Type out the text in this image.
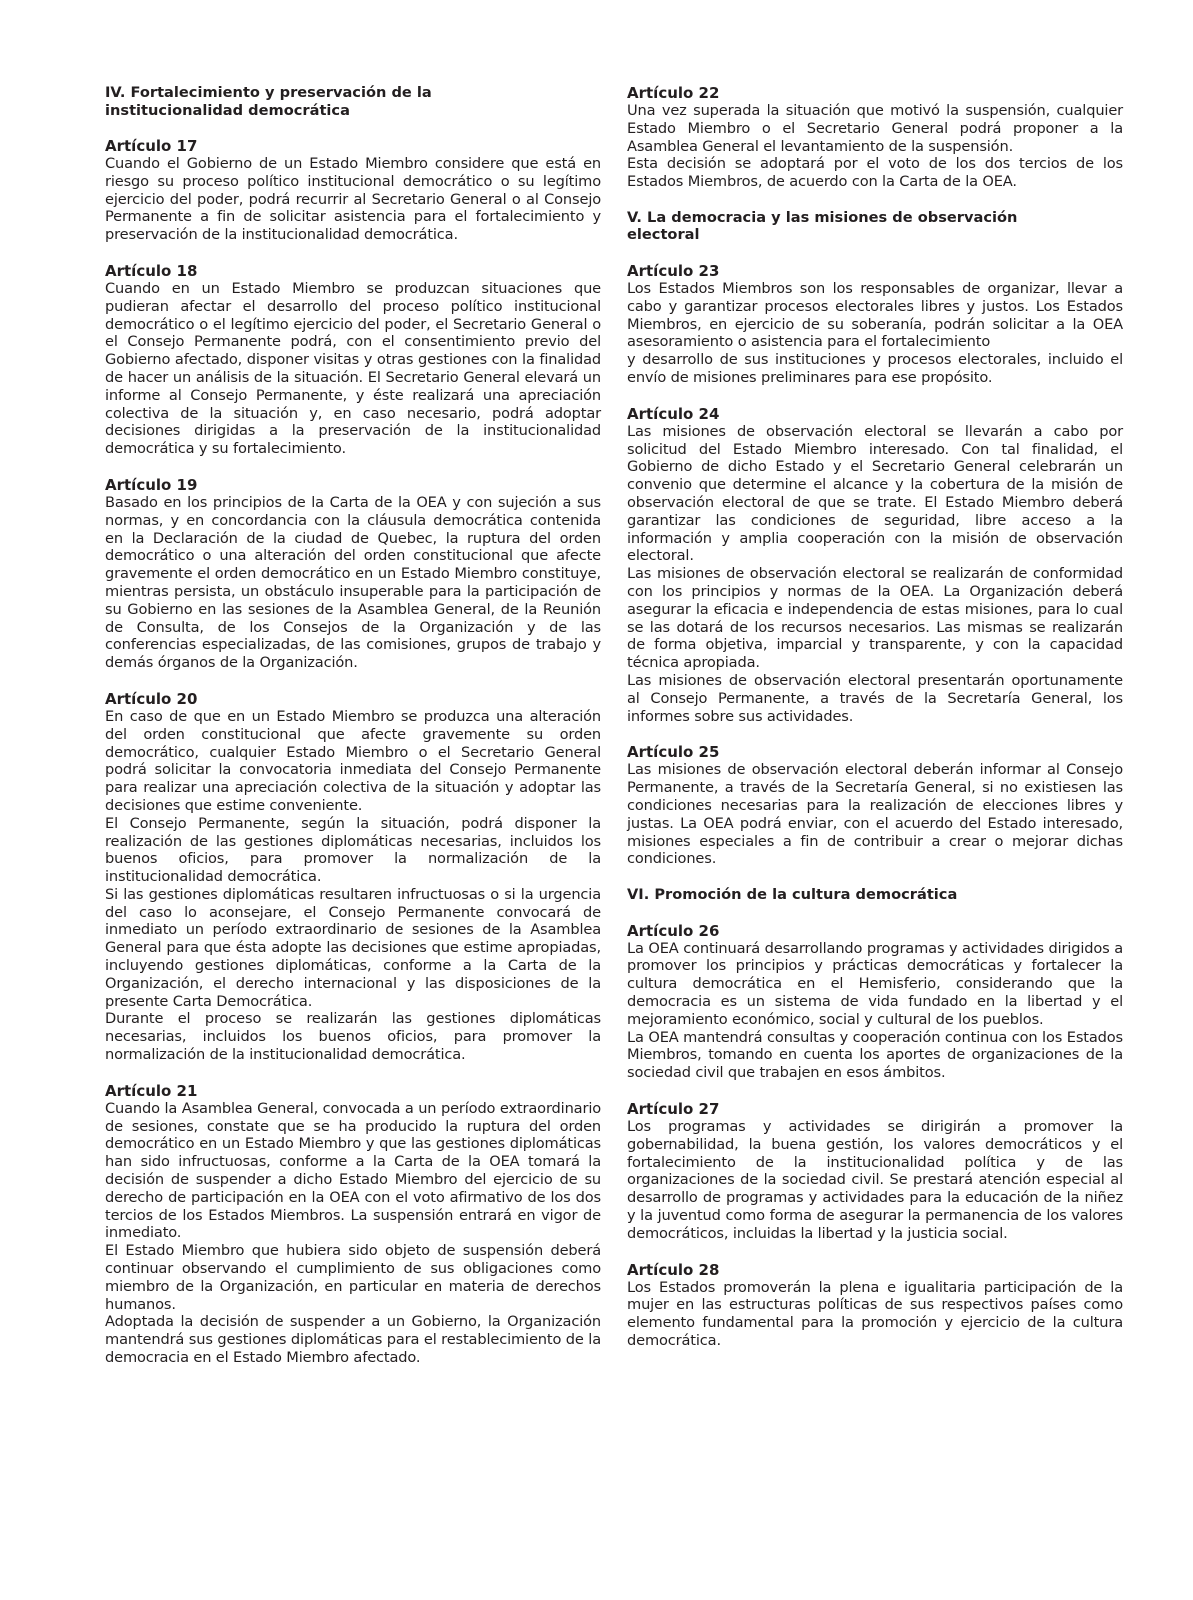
IV. Fortalecimiento y preservación de la
institucionalidad democrática
Artículo 17

Cuando el Gobierno de un Estado Miembro considere que está en riesgo su proceso político institucional democrático o su legítimo ejercicio del poder, podrá recurrir al Secretario General o al Consejo Permanente a fin de solicitar asistencia para el fortalecimiento y preservación de la institucionalidad democrática.

Artículo 18

Cuando en un Estado Miembro se produzcan situaciones que pudieran afectar el desarrollo del proceso político institucional democrático o el legítimo ejercicio del poder, el Secretario General o el Consejo Permanente podrá, con el consentimiento previo del Gobierno afectado, disponer visitas y otras gestiones con la finalidad de hacer un análisis de la situación. El Secretario General elevará un informe al Consejo Permanente, y éste realizará una apreciación colectiva de la situación y, en caso necesario, podrá adoptar decisiones dirigidas a la preservación de la institucionalidad democrática y su fortalecimiento.

Artículo 19

Basado en los principios de la Carta de la OEA y con sujeción a sus normas, y en concordancia con la cláusula democrática contenida en la Declaración de la ciudad de Quebec, la ruptura del orden democrático o una alteración del orden constitucional que afecte gravemente el orden democrático en un Estado Miembro constituye, mientras persista, un obstáculo insuperable para la participación de su Gobierno en las sesiones de la Asamblea General, de la Reunión de Consulta, de los Consejos de la Organización y de las conferencias especializadas, de las comisiones, grupos de trabajo y demás órganos de la Organización.

Artículo 20

En caso de que en un Estado Miembro se produzca una alteración del orden constitucional que afecte gravemente su orden democrático, cualquier Estado Miembro o el Secretario General podrá solicitar la convocatoria inmediata del Consejo Permanente para realizar una apreciación colectiva de la situación y adoptar las decisiones que estime conveniente.

El Consejo Permanente, según la situación, podrá disponer la realización de las gestiones diplomáticas necesarias, incluidos los buenos oficios, para promover la normalización de la institucionalidad democrática.

Si las gestiones diplomáticas resultaren infructuosas o si la urgencia del caso lo aconsejare, el Consejo Permanente convocará de inmediato un período extraordinario de sesiones de la Asamblea General para que ésta adopte las decisiones que estime apropiadas, incluyendo gestiones diplomáticas, conforme a la Carta de la Organización, el derecho internacional y las disposiciones de la presente Carta Democrática.

Durante el proceso se realizarán las gestiones diplomáticas necesarias, incluidos los buenos oficios, para promover la normalización de la institucionalidad democrática.

Artículo 21

Cuando la Asamblea General, convocada a un período extraordinario de sesiones, constate que se ha producido la ruptura del orden democrático en un Estado Miembro y que las gestiones diplomáticas han sido infructuosas, conforme a la Carta de la OEA tomará la decisión de suspender a dicho Estado Miembro del ejercicio de su derecho de participación en la OEA con el voto afirmativo de los dos tercios de los Estados Miembros. La suspensión entrará en vigor de inmediato.

El Estado Miembro que hubiera sido objeto de suspensión deberá continuar observando el cumplimiento de sus obligaciones como miembro de la Organización, en particular en materia de derechos humanos.

Adoptada la decisión de suspender a un Gobierno, la Organización mantendrá sus gestiones diplomáticas para el restablecimiento de la democracia en el Estado Miembro afectado.

Artículo 22

Una vez superada la situación que motivó la suspensión, cualquier Estado Miembro o el Secretario General podrá proponer a la Asamblea General el levantamiento de la suspensión.

Esta decisión se adoptará por el voto de los dos tercios de los Estados Miembros, de acuerdo con la Carta de la OEA.

V. La democracia y las misiones de observación
electoral
Artículo 23

Los Estados Miembros son los responsables de organizar, llevar a cabo y garantizar procesos electorales libres y justos. Los Estados Miembros, en ejercicio de su soberanía, podrán solicitar a la OEA asesoramiento o asistencia para el fortalecimiento

y desarrollo de sus instituciones y procesos electorales, incluido el envío de misiones preliminares para ese propósito.

Artículo 24

Las misiones de observación electoral se llevarán a cabo por solicitud del Estado Miembro interesado. Con tal finalidad, el Gobierno de dicho Estado y el Secretario General celebrarán un convenio que determine el alcance y la cobertura de la misión de observación electoral de que se trate. El Estado Miembro deberá garantizar las condiciones de seguridad, libre acceso a la información y amplia cooperación con la misión de observación electoral.

Las misiones de observación electoral se realizarán de conformidad con los principios y normas de la OEA. La Organización deberá asegurar la eficacia e independencia de estas misiones, para lo cual se las dotará de los recursos necesarios. Las mismas se realizarán de forma objetiva, imparcial y transparente, y con la capacidad técnica apropiada.

Las misiones de observación electoral presentarán oportunamente al Consejo Permanente, a través de la Secretaría General, los informes sobre sus actividades.

Artículo 25

Las misiones de observación electoral deberán informar al Consejo Permanente, a través de la Secretaría General, si no existiesen las condiciones necesarias para la realización de elecciones libres y justas. La OEA podrá enviar, con el acuerdo del Estado interesado, misiones especiales a fin de contribuir a crear o mejorar dichas condiciones.

VI. Promoción de la cultura democrática
Artículo 26

La OEA continuará desarrollando programas y actividades dirigidos a promover los principios y prácticas democráticas y fortalecer la cultura democrática en el Hemisferio, considerando que la democracia es un sistema de vida fundado en la libertad y el mejoramiento económico, social y cultural de los pueblos.

La OEA mantendrá consultas y cooperación continua con los Estados Miembros, tomando en cuenta los aportes de organizaciones de la sociedad civil que trabajen en esos ámbitos.

Artículo 27

Los programas y actividades se dirigirán a promover la gobernabilidad, la buena gestión, los valores democráticos y el fortalecimiento de la institucionalidad política y de las organizaciones de la sociedad civil. Se prestará atención especial al desarrollo de programas y actividades para la educación de la niñez y la juventud como forma de asegurar la permanencia de los valores democráticos, incluidas la libertad y la justicia social.

Artículo 28

Los Estados promoverán la plena e igualitaria participación de la mujer en las estructuras políticas de sus respectivos países como elemento fundamental para la promoción y ejercicio de la cultura democrática.
